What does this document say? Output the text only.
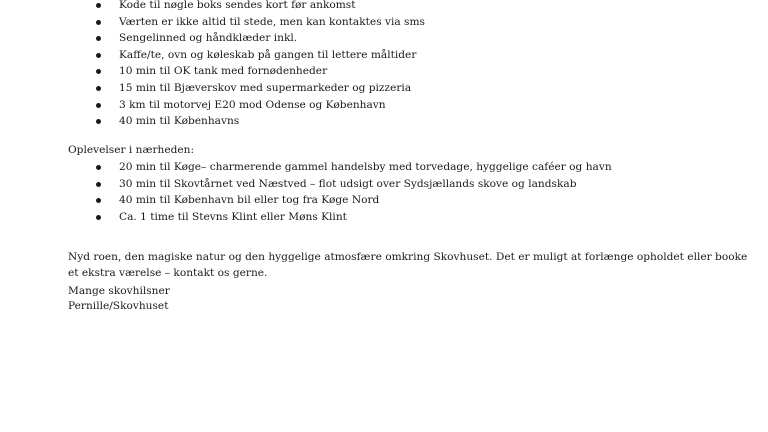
Kode til nøgle boks sendes kort før ankomst
Værten er ikke altid til stede, men kan kontaktes via sms
Sengelinned og håndklæder inkl.
Kaffe/te, ovn og køleskab på gangen til lettere måltider
10 min til OK tank med fornødenheder
15 min til Bjæverskov med supermarkeder og pizzeria
3 km til motorvej E20 mod Odense og København
40 min til Københavns
Oplevelser i nærheden:
20 min til Køge– charmerende gammel handelsby med torvedage, hyggelige caféer og havn
30 min til Skovtårnet ved Næstved – flot udsigt over Sydsjællands skove og landskab
40 min til København bil eller tog fra Køge Nord
Ca. 1 time til Stevns Klint eller Møns Klint

Nyd roen, den magiske natur og den hyggelige atmosfære omkring Skovhuset. Det er muligt at forlænge opholdet eller booke et ekstra værelse – kontakt os gerne.

Mange skovhilsner
Pernille/Skovhuset
